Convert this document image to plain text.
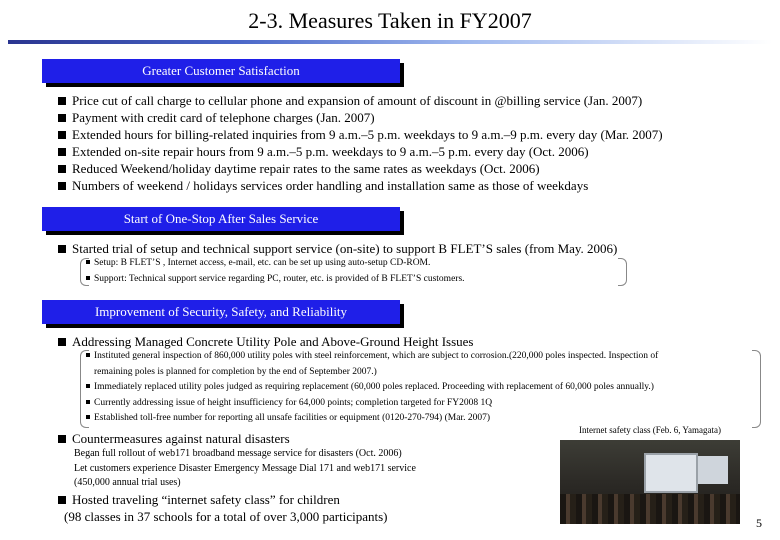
2-3. Measures Taken in FY2007
Greater Customer Satisfaction
Price cut of call charge to cellular phone and expansion of amount of discount in @billing service (Jan. 2007)
Payment with credit card of telephone charges (Jan. 2007)
Extended hours for billing-related inquiries from 9 a.m.–5 p.m. weekdays to 9 a.m.–9 p.m. every day (Mar. 2007)
Extended on-site repair hours from 9 a.m.–5 p.m. weekdays to 9 a.m.–5 p.m. every day (Oct. 2006)
Reduced Weekend/holiday daytime repair rates to the same rates as weekdays (Oct. 2006)
Numbers of weekend / holidays services order handling and installation same as those of weekdays
Start of One-Stop After Sales Service
Started trial of setup and technical support service (on-site) to support B FLET’S sales (from May. 2006)
Setup: B FLET’S , Internet access, e-mail, etc. can be set up using auto-setup CD-ROM.
Support: Technical support service regarding PC, router, etc. is provided of B FLET’S customers.
Improvement of Security, Safety, and Reliability
Addressing Managed Concrete Utility Pole and Above-Ground Height Issues
Instituted general inspection of 860,000 utility poles with steel reinforcement, which are subject to corrosion.(220,000 poles inspected. Inspection of
remaining poles is planned for completion by the end of September 2007.)
Immediately replaced utility poles judged as requiring replacement (60,000 poles replaced. Proceeding with replacement of 60,000 poles annually.)
Currently addressing issue of height insufficiency for 64,000 points; completion targeted for FY2008 1Q
Established toll-free number for reporting all unsafe facilities or equipment (0120-270-794) (Mar. 2007)
Countermeasures against natural disasters
Began full rollout of web171 broadband message service for disasters (Oct. 2006)
Let customers experience Disaster Emergency Message Dial 171 and web171 service
(450,000 annual trial uses)
Hosted traveling “internet safety class” for children
(98 classes in 37 schools for a total of over 3,000 participants)
Internet safety class (Feb. 6, Yamagata)
5
